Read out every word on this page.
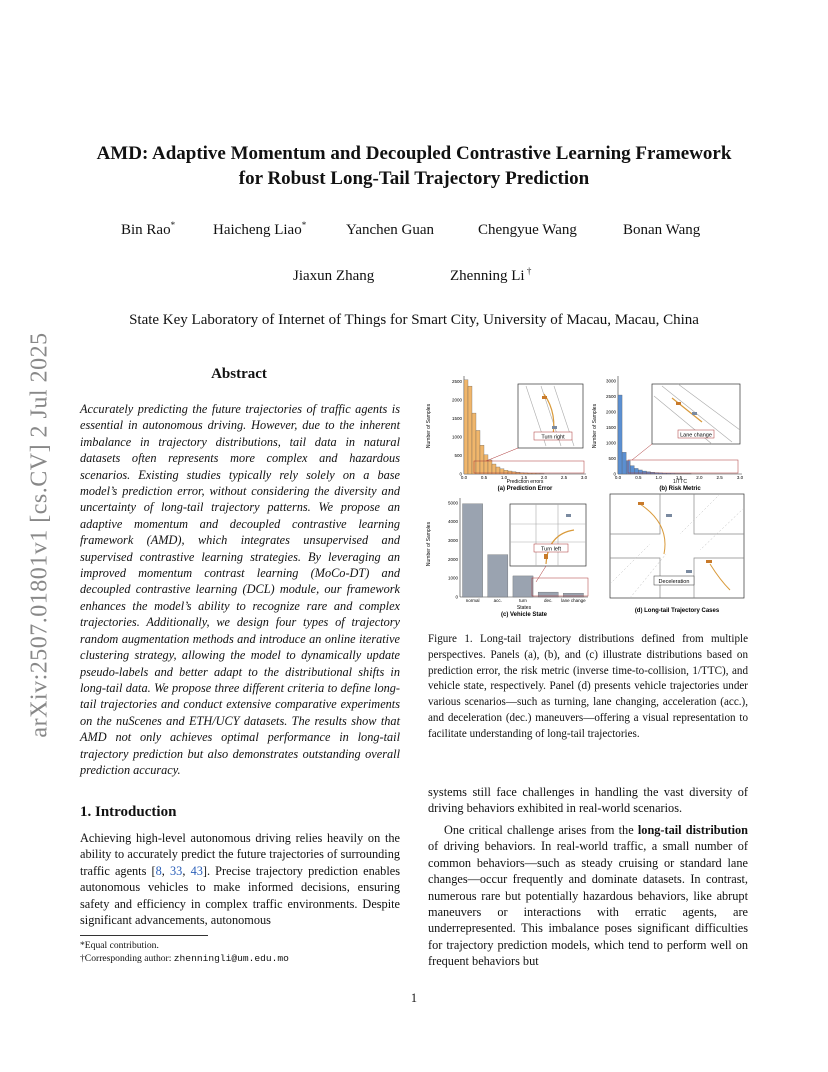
arXiv:2507.01801v1 [cs.CV] 2 Jul 2025
AMD: Adaptive Momentum and Decoupled Contrastive Learning Framework
for Robust Long-Tail Trajectory Prediction
Bin Rao*	Haicheng Liao*	Yanchen Guan	Chengyue Wang	Bonan Wang
Jiaxun Zhang	Zhenning Li †
State Key Laboratory of Internet of Things for Smart City, University of Macau, Macau, China
Abstract
Accurately predicting the future trajectories of traffic agents is essential in autonomous driving. However, due to the inherent imbalance in trajectory distributions, tail data in natural datasets often represents more complex and hazardous scenarios. Existing studies typically rely solely on a base model’s prediction error, without considering the diversity and uncertainty of long-tail trajectory patterns. We propose an adaptive momentum and decoupled contrastive learning framework (AMD), which integrates unsupervised and supervised contrastive learning strategies. By leveraging an improved momentum contrast learning (MoCo-DT) and decoupled contrastive learning (DCL) module, our framework enhances the model’s ability to recognize rare and complex trajectories. Additionally, we design four types of trajectory random augmentation methods and introduce an online iterative clustering strategy, allowing the model to dynamically update pseudo-labels and better adapt to the distributional shifts in long-tail data. We propose three different criteria to define long-tail trajectories and conduct extensive comparative experiments on the nuScenes and ETH/UCY datasets. The results show that AMD not only achieves optimal performance in long-tail trajectory prediction but also demonstrates outstanding overall prediction accuracy.
1. Introduction
Achieving high-level autonomous driving relies heavily on the ability to accurately predict the future trajectories of surrounding traffic agents [8, 33, 43]. Precise trajectory prediction enables autonomous vehicles to make informed decisions, ensuring safety and efficiency in complex traffic environments. Despite significant advancements, autonomous
*Equal contribution.
†Corresponding author: zhenningli@um.edu.mo
Number of Samples
0
500
1000
1500
2000
2500
0.0	0.5	1.0	1.5	2.0	2.5	3.0
Turn right
Prediction errors
(a) Prediction Error
Number of Samples
0
500
1000
1500
2000
2500
3000
0.0	0.5	1.0	1.5	2.0	2.5	3.0
Lane change
1/TTC
(b) Risk Metric
Number of Samples
0
1000
2000
3000
4000
5000
normal	acc.	turn	dec. lane change
Turn left
States
(c) Vehicle State
Deceleration
(d) Long-tail Trajectory Cases
Figure 1. Long-tail trajectory distributions defined from multiple perspectives. Panels (a), (b), and (c) illustrate distributions based on prediction error, the risk metric (inverse time-to-collision, 1/TTC), and vehicle state, respectively. Panel (d) presents vehicle trajectories under various scenarios—such as turning, lane changing, acceleration (acc.), and deceleration (dec.) maneuvers—offering a visual representation to facilitate understanding of long-tail trajectories.
systems still face challenges in handling the vast diversity of driving behaviors exhibited in real-world scenarios.
One critical challenge arises from the long-tail distribution of driving behaviors. In real-world traffic, a small number of common behaviors—such as steady cruising or standard lane changes—occur frequently and dominate datasets. In contrast, numerous rare but potentially hazardous behaviors, like abrupt maneuvers or interactions with erratic agents, are underrepresented. This imbalance poses significant difficulties for trajectory prediction models, which tend to perform well on frequent behaviors but
1
